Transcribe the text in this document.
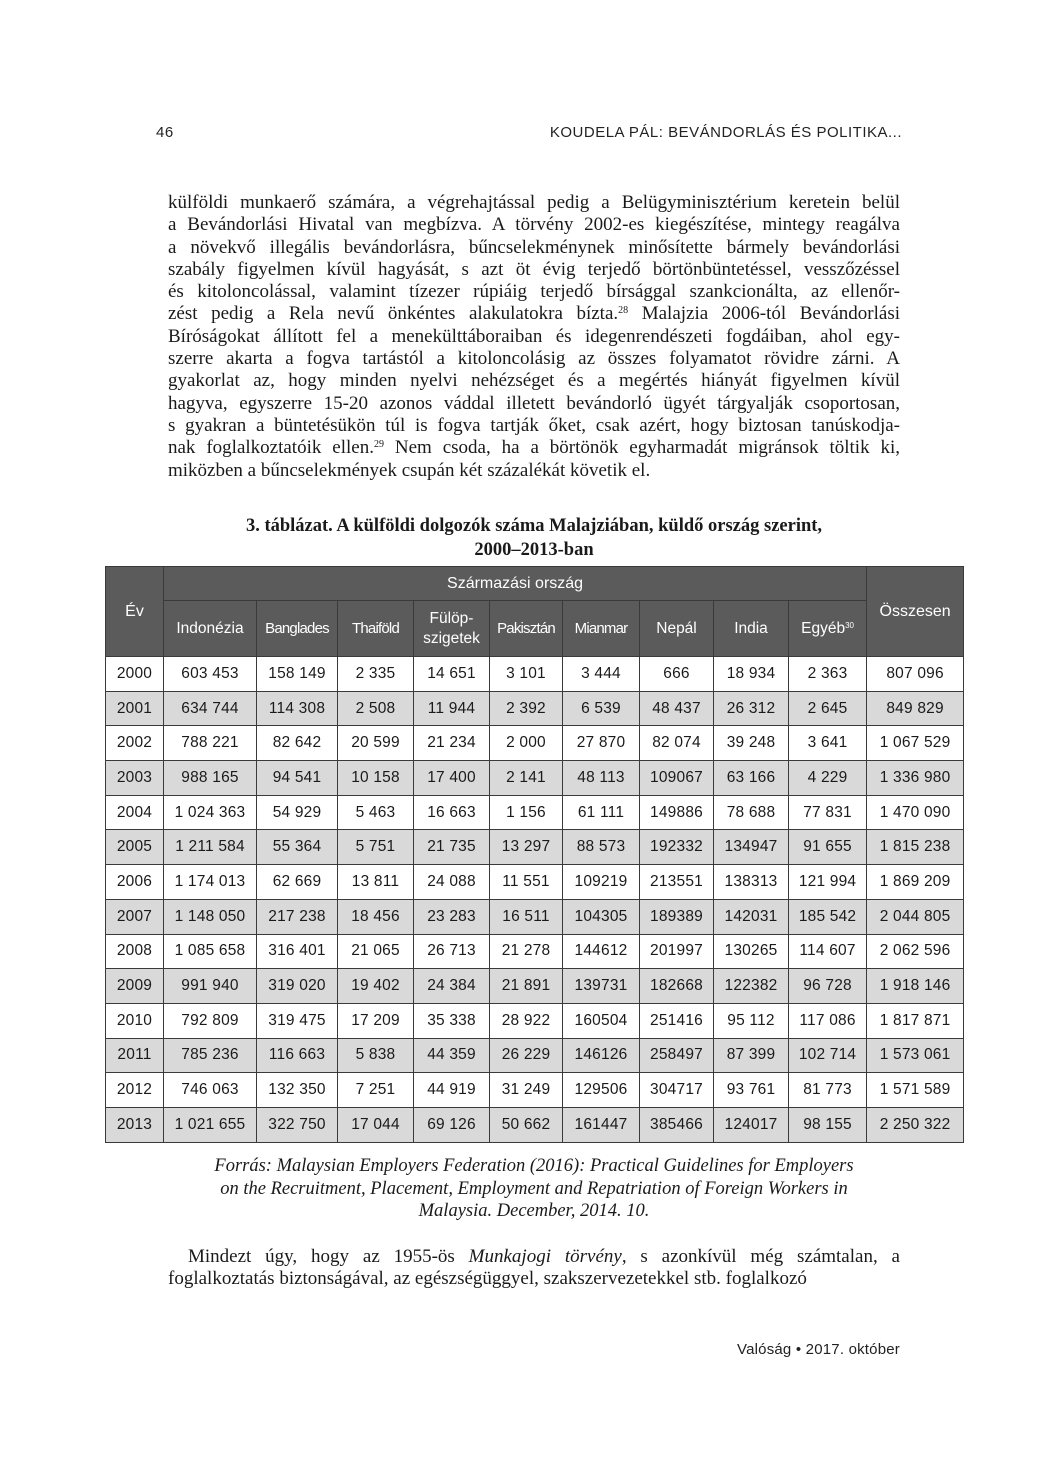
46	KOUDELA PÁL: BEVÁNDORLÁS ÉS POLITIKA...
külföldi munkaerő számára, a végrehajtással pedig a Belügyminisztérium keretein belül
a Bevándorlási Hivatal van megbízva. A törvény 2002-es kiegészítése, mintegy reagálva
a növekvő illegális bevándorlásra, bűncselekménynek minősítette bármely bevándorlási
szabály figyelmen kívül hagyását, s azt öt évig terjedő börtönbüntetéssel, vesszőzéssel
és kitoloncolással, valamint tízezer rúpiáig terjedő bírsággal szankcionálta, az ellenőr-
zést pedig a Rela nevű önkéntes alakulatokra bízta.$^{28}$ Malajzia 2006-tól Bevándorlási
Bíróságokat állított fel a menekülttáboraiban és idegenrendészeti fogdáiban, ahol egy-
szerre akarta a fogva tartástól a kitoloncolásig az összes folyamatot rövidre zárni. A
gyakorlat az, hogy minden nyelvi nehézséget és a megértés hiányát figyelmen kívül
hagyva, egyszerre 15-20 azonos váddal illetett bevándorló ügyét tárgyalják csoportosan,
s gyakran a büntetésükön túl is fogva tartják őket, csak azért, hogy biztosan tanúskodja-
nak foglalkoztatóik ellen.$^{29}$ Nem csoda, ha a börtönök egyharmadát migránsok töltik ki,
miközben a bűncselekmények csupán két százalékát követik el.
3. táblázat. A külföldi dolgozók száma Malajziában, küldő ország szerint,
2000–2013-ban
Év	Származási ország									Összesen
	Indonézia	Banglades	Thaiföld	Fülöp-
szigetek	Pakisztán	Mianmar	Nepál	India	Egyéb$^{30}$
2000	603 453	158 149	2 335	14 651	3 101	3 444	666	18 934	2 363	807 096
2001	634 744	114 308	2 508	11 944	2 392	6 539	48 437	26 312	2 645	849 829
2002	788 221	82 642	20 599	21 234	2 000	27 870	82 074	39 248	3 641	1 067 529
2003	988 165	94 541	10 158	17 400	2 141	48 113	109067	63 166	4 229	1 336 980
2004	1 024 363	54 929	5 463	16 663	1 156	61 111	149886	78 688	77 831	1 470 090
2005	1 211 584	55 364	5 751	21 735	13 297	88 573	192332	134947	91 655	1 815 238
2006	1 174 013	62 669	13 811	24 088	11 551	109219	213551	138313	121 994	1 869 209
2007	1 148 050	217 238	18 456	23 283	16 511	104305	189389	142031	185 542	2 044 805
2008	1 085 658	316 401	21 065	26 713	21 278	144612	201997	130265	114 607	2 062 596
2009	991 940	319 020	19 402	24 384	21 891	139731	182668	122382	96 728	1 918 146
2010	792 809	319 475	17 209	35 338	28 922	160504	251416	95 112	117 086	1 817 871
2011	785 236	116 663	5 838	44 359	26 229	146126	258497	87 399	102 714	1 573 061
2012	746 063	132 350	7 251	44 919	31 249	129506	304717	93 761	81 773	1 571 589
2013	1 021 655	322 750	17 044	69 126	50 662	161447	385466	124017	98 155	2 250 322
Forrás: Malaysian Employers Federation (2016): Practical Guidelines for Employers
on the Recruitment, Placement, Employment and Repatriation of Foreign Workers in
Malaysia. December, 2014. 10.
Mindezt úgy, hogy az 1955-ös Munkajogi törvény, s azonkívül még számtalan, a foglalkoztatás biztonságával, az egészségüggyel, szakszervezetekkel stb. foglalkozó
Valóság • 2017. október
